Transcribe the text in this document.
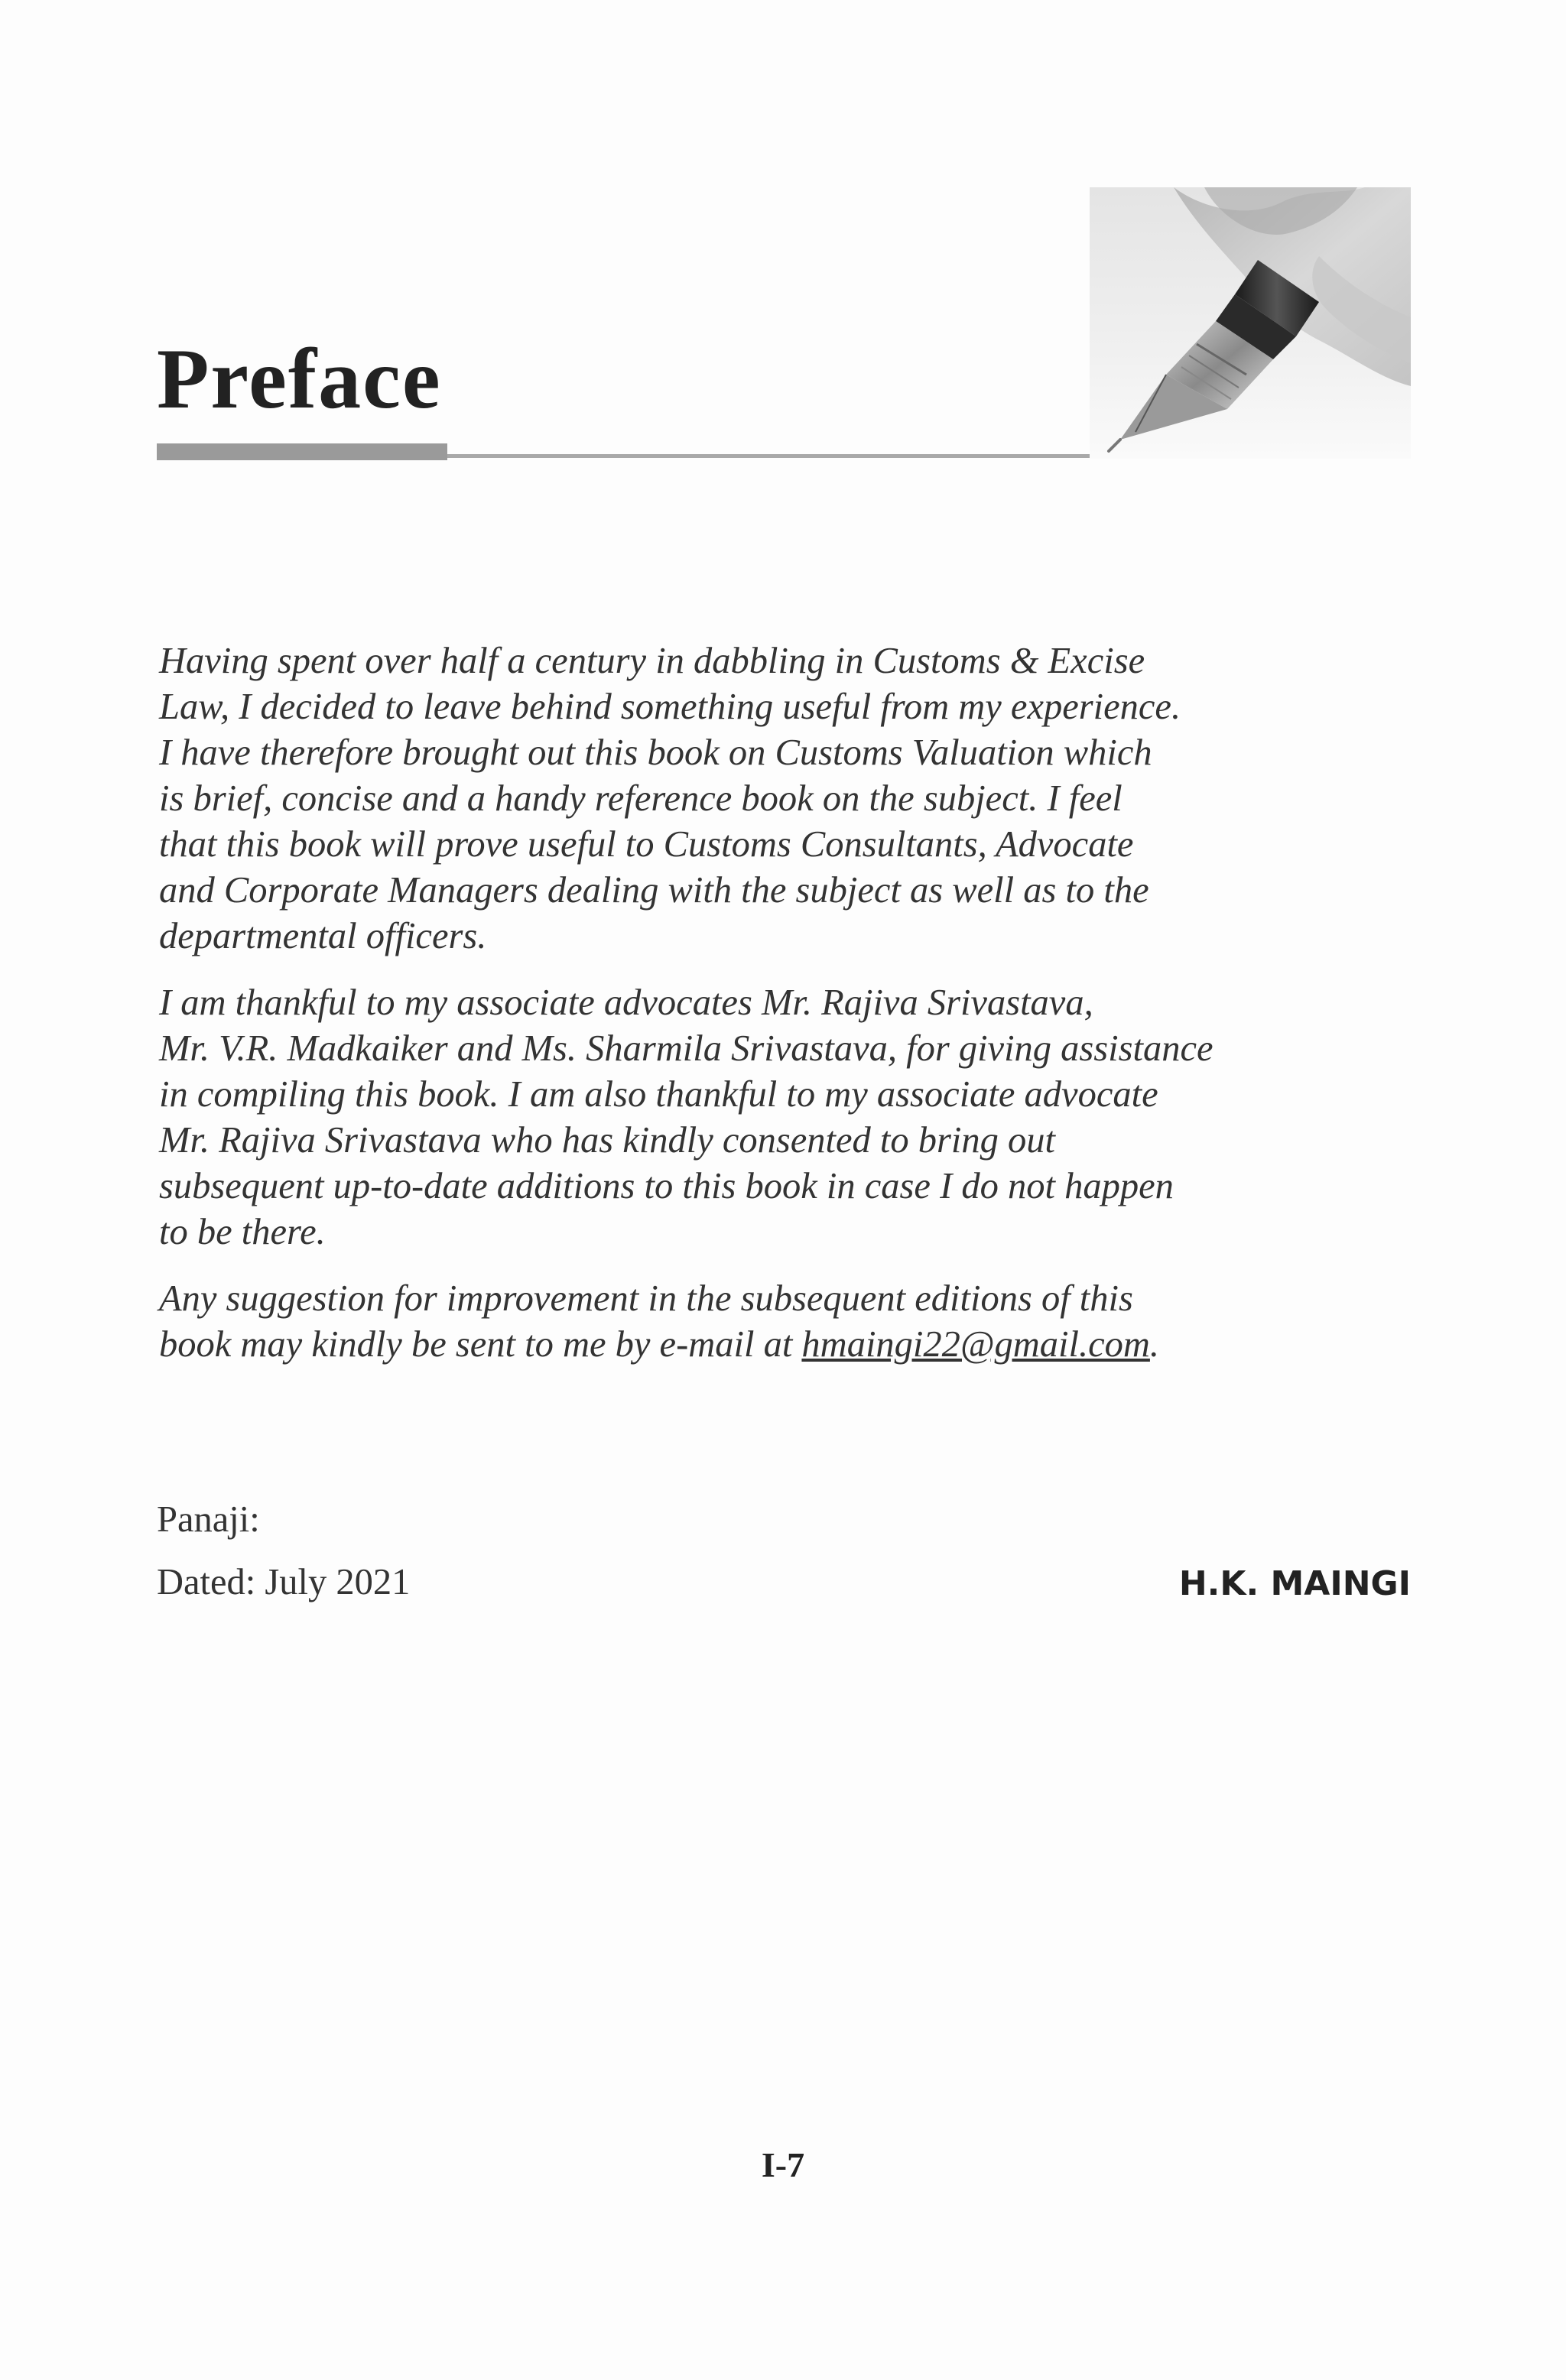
Preface

Having spent over half a century in dabbling in Customs & Excise
Law, I decided to leave behind something useful from my experience.
I have therefore brought out this book on Customs Valuation which
is brief, concise and a handy reference book on the subject. I feel
that this book will prove useful to Customs Consultants, Advocate
and Corporate Managers dealing with the subject as well as to the
departmental officers.

I am thankful to my associate advocates Mr. Rajiva Srivastava,
Mr. V.R. Madkaiker and Ms. Sharmila Srivastava, for giving assistance
in compiling this book. I am also thankful to my associate advocate
Mr. Rajiva Srivastava who has kindly consented to bring out
subsequent up-to-date additions to this book in case I do not happen
to be there.

Any suggestion for improvement in the subsequent editions of this
book may kindly be sent to me by e-mail at hmaingi22@gmail.com.

Panaji:
Dated: July 2021	H.K. MAINGI
I-7
